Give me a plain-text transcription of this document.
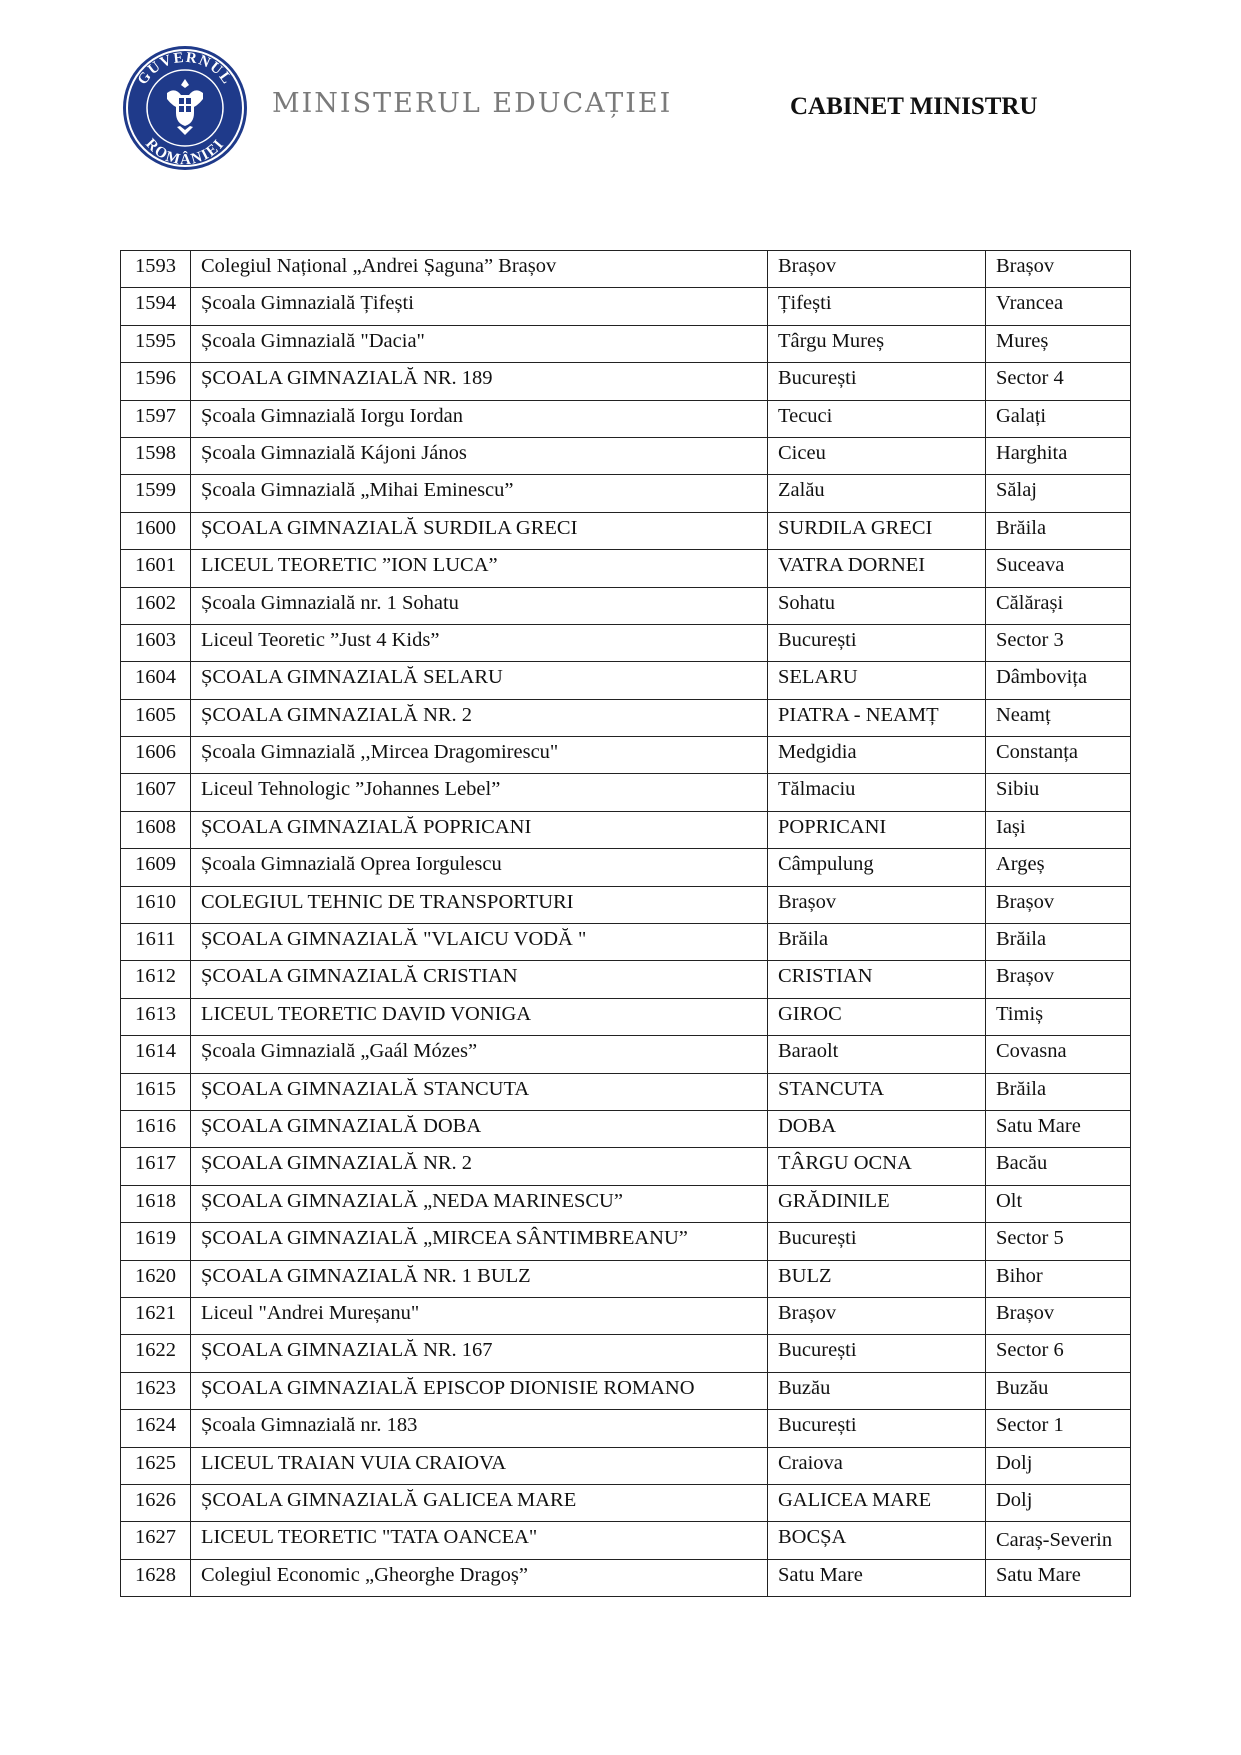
GUVERNUL
ROMÂNIEI
MINISTERUL EDUCAȚIEI	CABINET MINISTRU
1593	Colegiul Național „Andrei Șaguna” Brașov	Brașov	Brașov
1594	Școala Gimnazială Țifești	Țifești	Vrancea
1595	Școala Gimnazială "Dacia"	Târgu Mureș	Mureș
1596	ȘCOALA GIMNAZIALĂ NR. 189	București	Sector 4
1597	Școala Gimnazială Iorgu Iordan	Tecuci	Galați
1598	Școala Gimnazială Kájoni János	Ciceu	Harghita
1599	Școala Gimnazială „Mihai Eminescu”	Zalău	Sălaj
1600	ȘCOALA GIMNAZIALĂ SURDILA GRECI	SURDILA GRECI	Brăila
1601	LICEUL TEORETIC ”ION LUCA”	VATRA DORNEI	Suceava
1602	Școala Gimnazială nr. 1 Sohatu	Sohatu	Călărași
1603	Liceul Teoretic ”Just 4 Kids”	București	Sector 3
1604	ȘCOALA GIMNAZIALĂ SELARU	SELARU	Dâmbovița
1605	ȘCOALA GIMNAZIALĂ NR. 2	PIATRA - NEAMȚ	Neamț
1606	Școala Gimnazială ,,Mircea Dragomirescu"	Medgidia	Constanța
1607	Liceul Tehnologic ”Johannes Lebel”	Tălmaciu	Sibiu
1608	ȘCOALA GIMNAZIALĂ POPRICANI	POPRICANI	Iași
1609	Școala Gimnazială Oprea Iorgulescu	Câmpulung	Argeș
1610	COLEGIUL TEHNIC DE TRANSPORTURI	Brașov	Brașov
1611	ȘCOALA GIMNAZIALĂ "VLAICU VODĂ "	Brăila	Brăila
1612	ȘCOALA GIMNAZIALĂ CRISTIAN	CRISTIAN	Brașov
1613	LICEUL TEORETIC DAVID VONIGA	GIROC	Timiș
1614	Școala Gimnazială „Gaál Mózes”	Baraolt	Covasna
1615	ȘCOALA GIMNAZIALĂ STANCUTA	STANCUTA	Brăila
1616	ȘCOALA GIMNAZIALĂ DOBA	DOBA	Satu Mare
1617	ȘCOALA GIMNAZIALĂ NR. 2	TÂRGU OCNA	Bacău
1618	ȘCOALA GIMNAZIALĂ „NEDA MARINESCU”	GRĂDINILE	Olt
1619	ȘCOALA GIMNAZIALĂ „MIRCEA SÂNTIMBREANU”	București	Sector 5
1620	ȘCOALA GIMNAZIALĂ NR. 1 BULZ	BULZ	Bihor
1621	Liceul "Andrei Mureșanu"	Brașov	Brașov
1622	ȘCOALA GIMNAZIALĂ NR. 167	București	Sector 6
1623	ȘCOALA GIMNAZIALĂ EPISCOP DIONISIE ROMANO	Buzău	Buzău
1624	Școala Gimnazială nr. 183	București	Sector 1
1625	LICEUL TRAIAN VUIA CRAIOVA	Craiova	Dolj
1626	ȘCOALA GIMNAZIALĂ GALICEA MARE	GALICEA MARE	Dolj
1627	LICEUL TEORETIC "TATA OANCEA"	BOCȘA	Caraș-​Severin
1628	Colegiul Economic „Gheorghe Dragoș”	Satu Mare	Satu Mare
